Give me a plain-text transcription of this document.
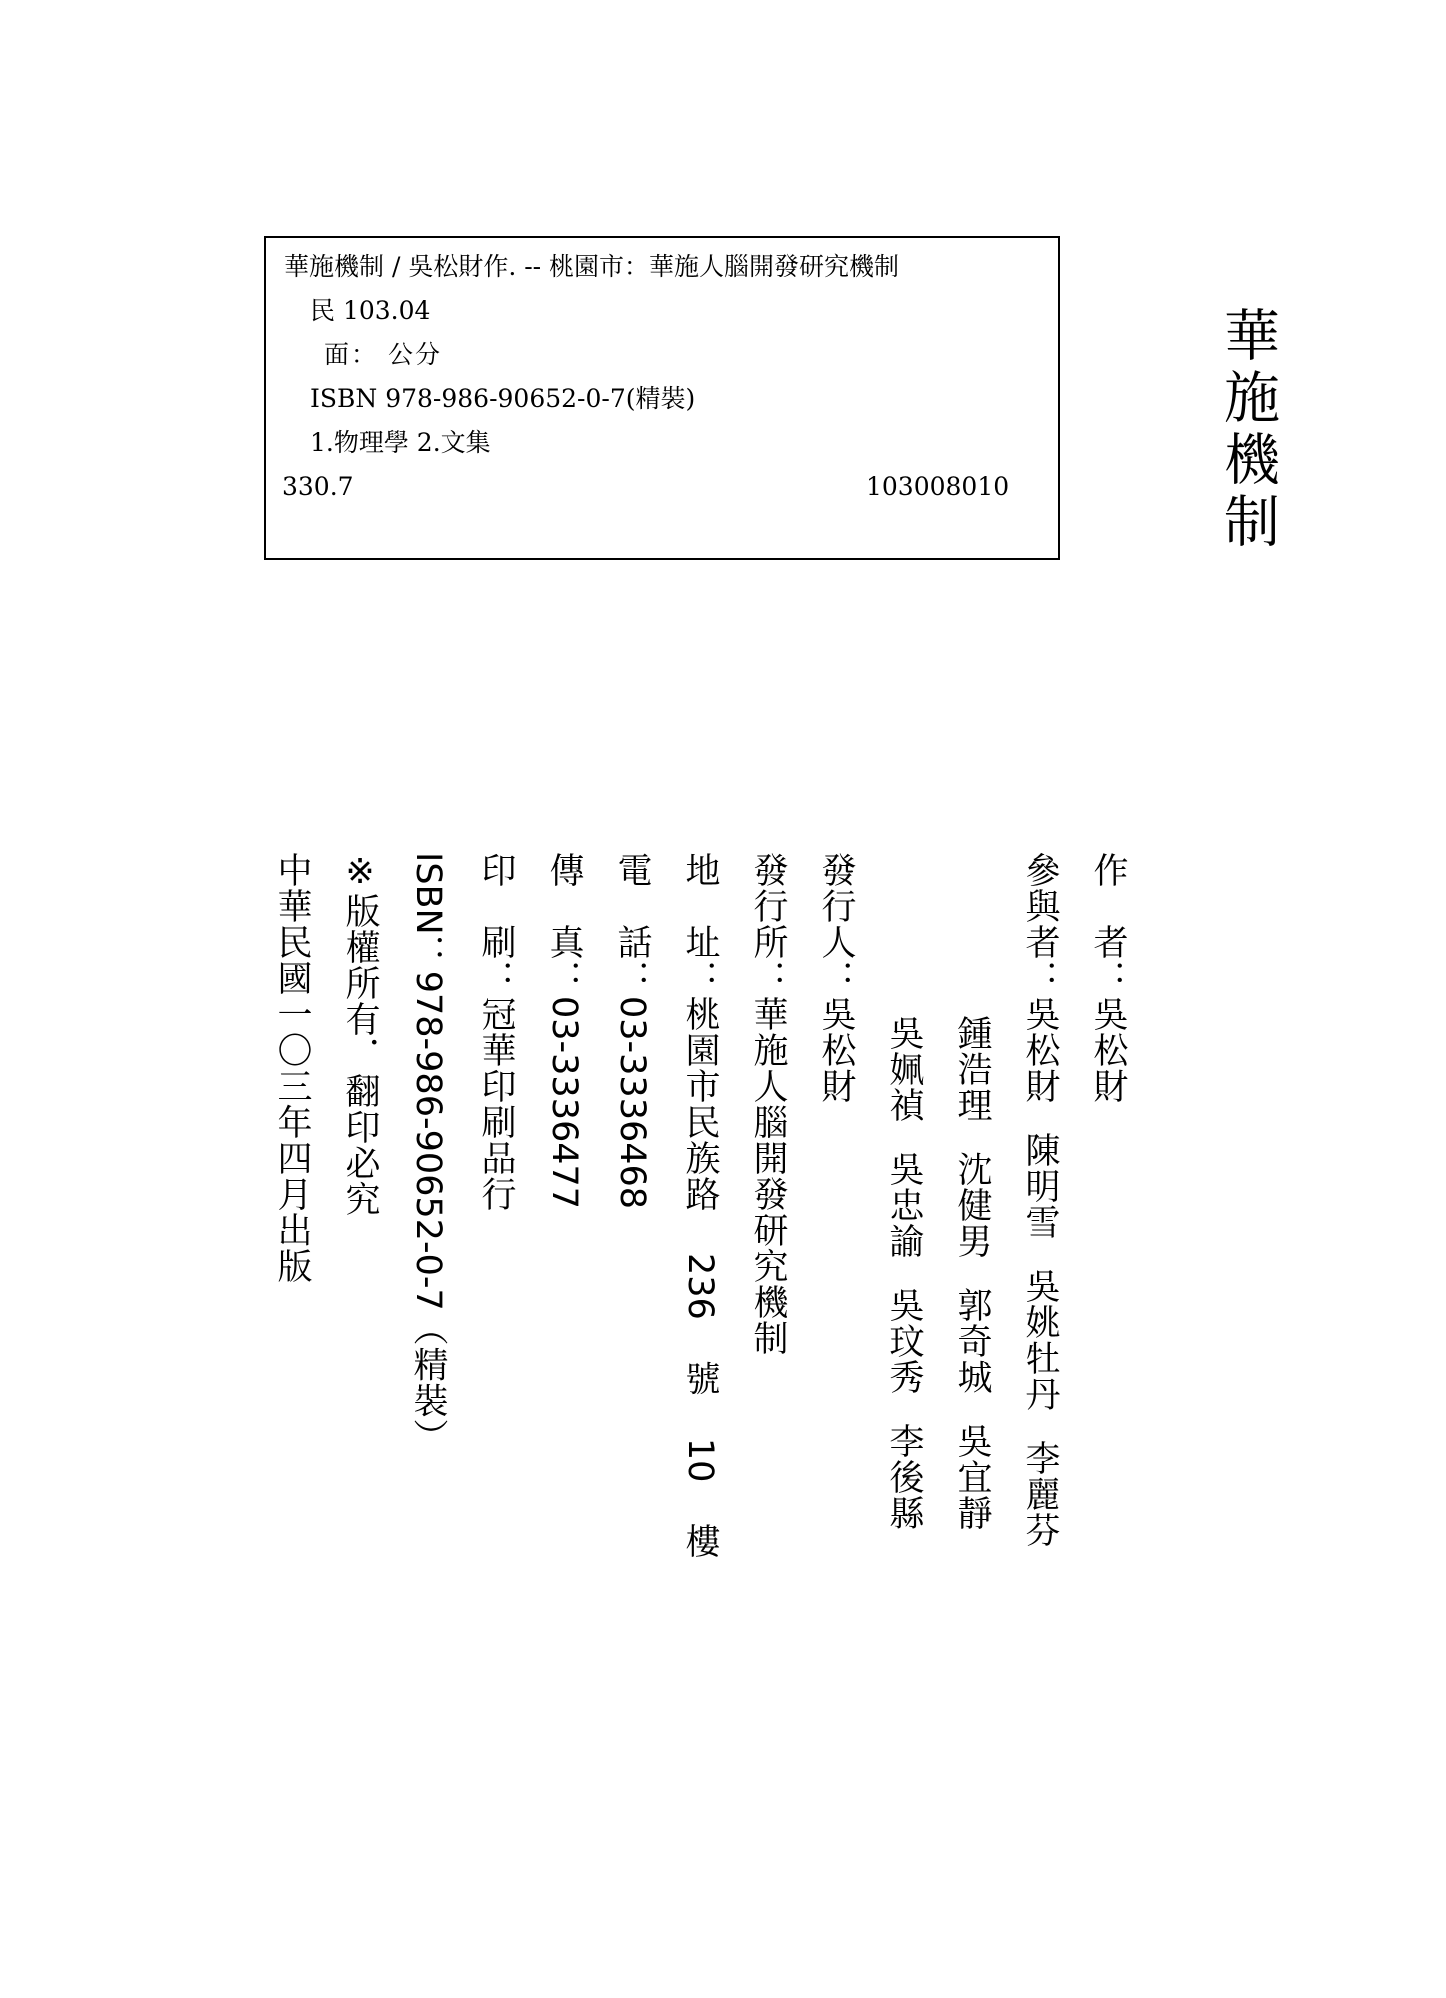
華施機制 / 吳松財作. -- 桃園市：華施人腦開發研究機制
民 103.04
面： 公分
ISBN 978-986-90652-0-7(精裝)
1.物理學 2.文集
330.7	103008010	華施機制
作　者：吳松財
參與者：吳松財陳明雪吳姚牡丹李麗芬
鍾浩理沈健男郭奇城吳宜靜
吳姵禎吳忠諭吳玟秀李後縣
發行人：吳松財
發行所：華施人腦開發研究機制
地　址：桃園市民族路 236 號 10 樓
電　話：03-3336468
傳　真：03-3336477
印　刷：冠華印刷品行
ISBN：978-986-90652-0-7（精裝）
※版權所有．翻印必究
中華民國一〇三年四月出版
